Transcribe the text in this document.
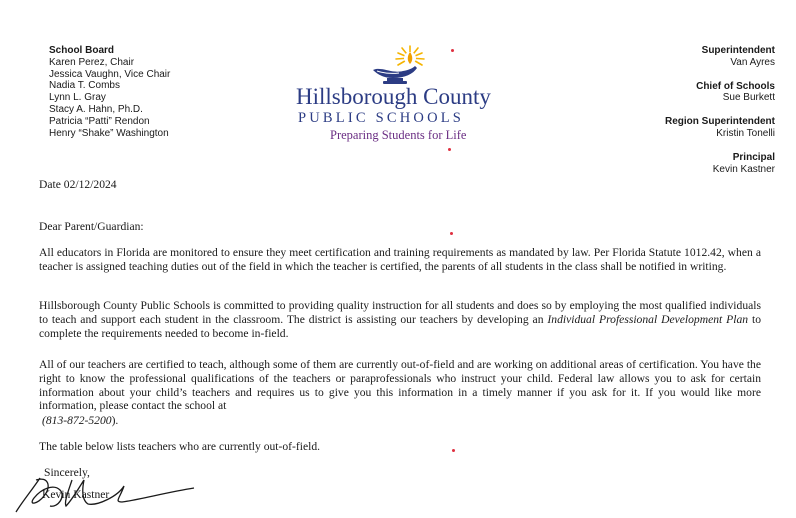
School Board
Karen Perez, Chair
Jessica Vaughn, Vice Chair
Nadia T. Combs
Lynn L. Gray
Stacy A. Hahn, Ph.D.
Patricia “Patti” Rendon
Henry “Shake” Washington
Hillsborough County
PUBLIC SCHOOLS
Preparing Students for Life
Superintendent
Van Ayres
Chief of Schools
Sue Burkett
Region Superintendent
Kristin Tonelli
Principal
Kevin Kastner
Date 02/12/2024
Dear Parent/Guardian:
All educators in Florida are monitored to ensure they meet certification and training requirements as mandated by law. Per Florida Statute 1012.42, when a teacher is assigned teaching duties out of the field in which the teacher is certified, the parents of all students in the class shall be notified in writing.
Hillsborough County Public Schools is committed to providing quality instruction for all students and does so by employing the most qualified individuals to teach and support each student in the classroom. The district is assisting our teachers by developing an Individual Professional Development Plan to complete the requirements needed to become in-field.
All of our teachers are certified to teach, although some of them are currently out-of-field and are working on additional areas of certification. You have the right to know the professional qualifications of the teachers or paraprofessionals who instruct your child. Federal law allows you to ask for certain information about your child’s teachers and requires us to give you this information in a timely manner if you ask for it. If you would like more information, please contact the school at
(813-872-5200).
The table below lists teachers who are currently out-of-field.
Sincerely,
Kevin Kastner
